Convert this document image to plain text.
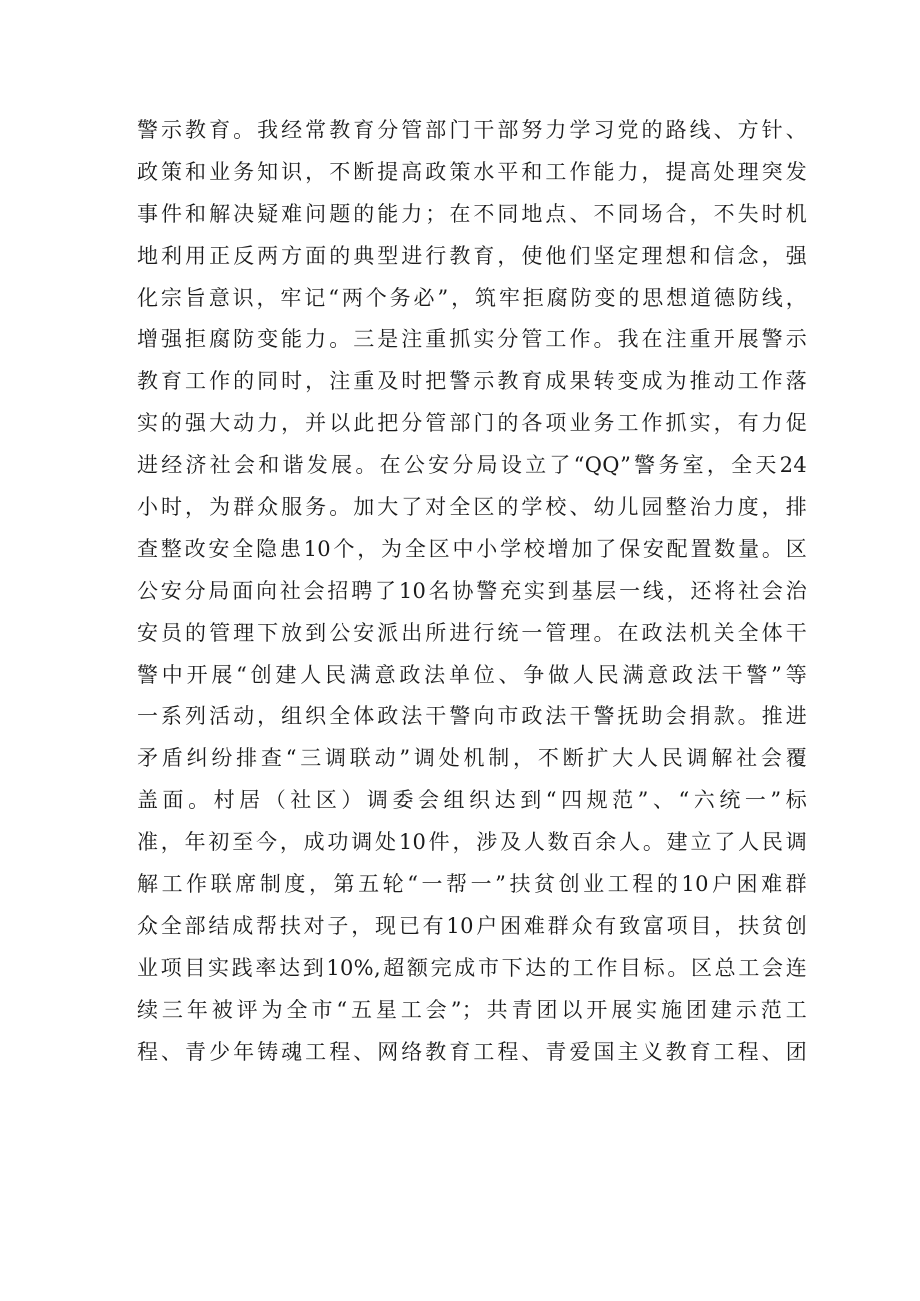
警示教育。我经常教育分管部门干部努力学习党的路线、方针、
政策和业务知识，不断提高政策水平和工作能力，提高处理突发
事件和解决疑难问题的能力；在不同地点、不同场合，不失时机
地利用正反两方面的典型进行教育，使他们坚定理想和信念，强
化宗旨意识，牢记“两个务必”，筑牢拒腐防变的思想道德防线，
增强拒腐防变能力。三是注重抓实分管工作。我在注重开展警示
教育工作的同时，注重及时把警示教育成果转变成为推动工作落
实的强大动力，并以此把分管部门的各项业务工作抓实，有力促
进经济社会和谐发展。在公安分局设立了“QQ”警务室，全天24
小时，为群众服务。加大了对全区的学校、幼儿园整治力度，排
查整改安全隐患10个，为全区中小学校增加了保安配置数量。区
公安分局面向社会招聘了10名协警充实到基层一线，还将社会治
安员的管理下放到公安派出所进行统一管理。在政法机关全体干
警中开展“创建人民满意政法单位、争做人民满意政法干警”等
一系列活动，组织全体政法干警向市政法干警抚助会捐款。推进
矛盾纠纷排查“三调联动”调处机制，不断扩大人民调解社会覆
盖面。村居（社区）调委会组织达到“四规范”、“六统一”标
准，年初至今，成功调处10件，涉及人数百余人。建立了人民调
解工作联席制度，第五轮“一帮一”扶贫创业工程的10户困难群
众全部结成帮扶对子，现已有10户困难群众有致富项目，扶贫创
业项目实践率达到10%,超额完成市下达的工作目标。区总工会连
续三年被评为全市“五星工会”；共青团以开展实施团建示范工
程、青少年铸魂工程、网络教育工程、青爱国主义教育工程、团
